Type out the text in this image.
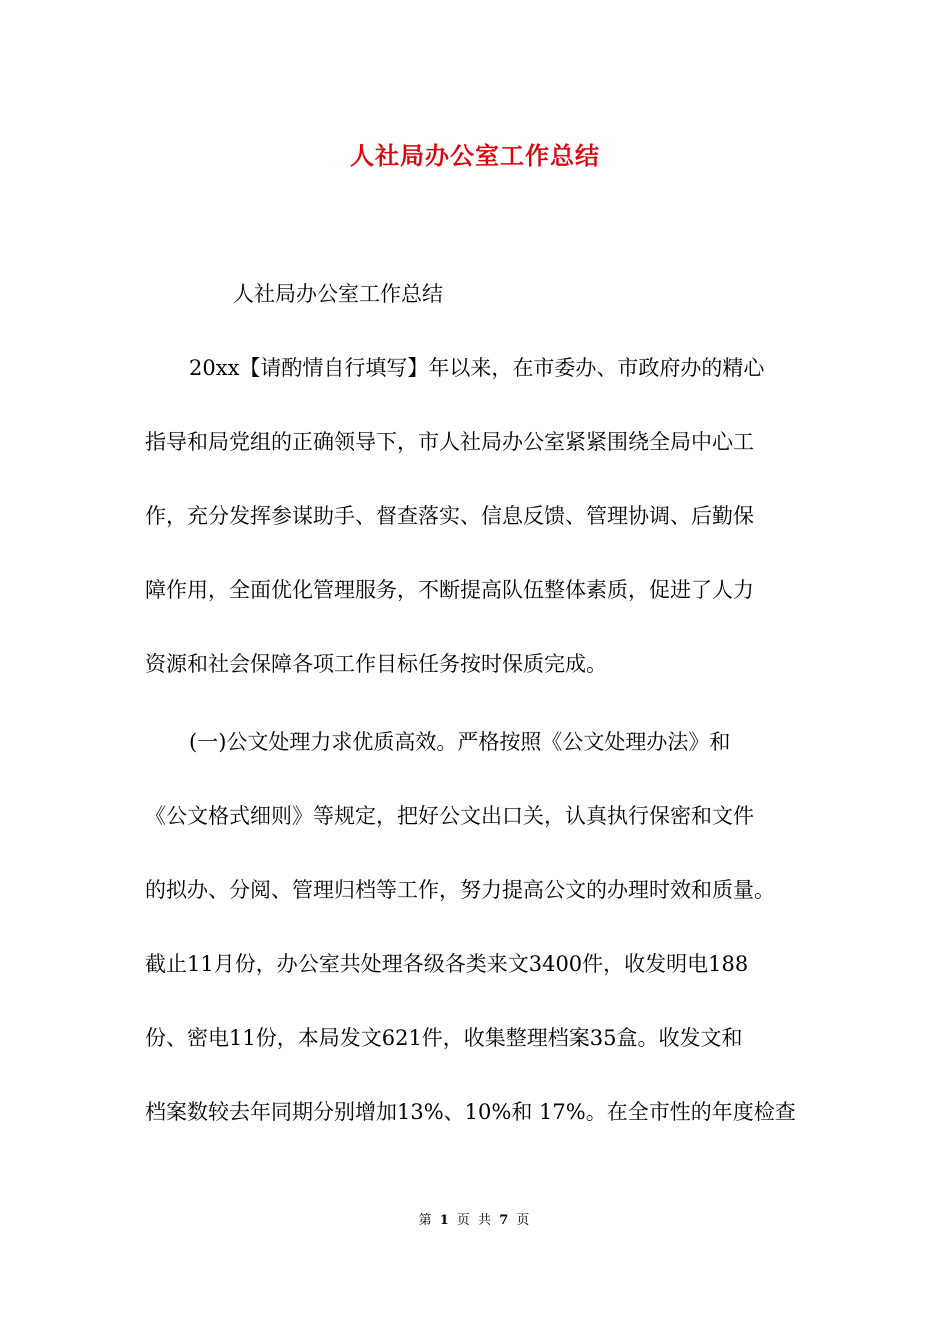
人社局办公室工作总结
人社局办公室工作总结
20xx【请酌情自行填写】年以来，在市委办、市政府办的精心
指导和局党组的正确领导下，市人社局办公室紧紧围绕全局中心工
作，充分发挥参谋助手、督查落实、信息反馈、管理协调、后勤保
障作用，全面优化管理服务，不断提高队伍整体素质，促进了人力
资源和社会保障各项工作目标任务按时保质完成。
(一)公文处理力求优质高效。严格按照《公文处理办法》和
《公文格式细则》等规定，把好公文出口关，认真执行保密和文件
的拟办、分阅、管理归档等工作，努力提高公文的办理时效和质量。
截止11月份，办公室共处理各级各类来文3400件，收发明电188
份、密电11份，本局发文621件，收集整理档案35盒。收发文和
档案数较去年同期分别增加13%、10%和 17%。在全市性的年度检查
第 1 页 共 7 页
